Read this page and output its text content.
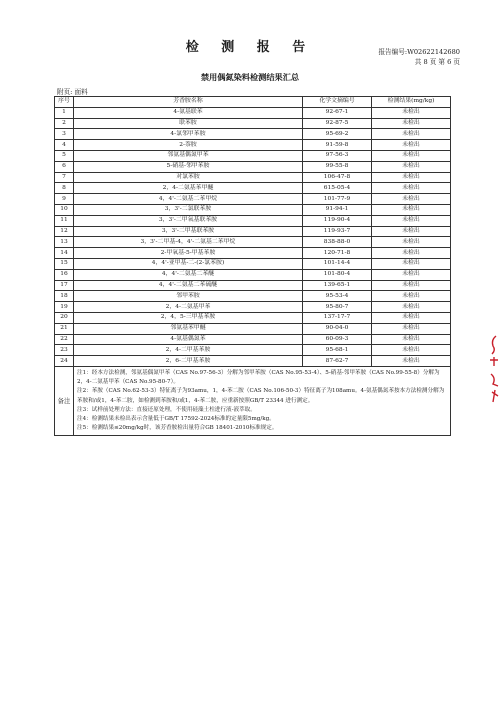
检 测 报 告	报告编号:W02622142680
共 8 页 第 6 页
禁用偶氮染料检测结果汇总
附页: 面料
序号	芳香胺名称	化学文摘编号	检测结果(mg/kg)
1	4-氨基联苯	92-67-1	未检出
2	联苯胺	92-87-5	未检出
3	4-氯邻甲苯胺	95-69-2	未检出
4	2-萘胺	91-59-8	未检出
5	邻氨基偶氮甲苯	97-56-3	未检出
6	5-硝基-邻甲苯胺	99-55-8	未检出
7	对氯苯胺	106-47-8	未检出
8	2，4-二氨基苯甲醚	615-05-4	未检出
9	4，4'-二氨基二苯甲烷	101-77-9	未检出
10	3，3'-二氯联苯胺	91-94-1	未检出
11	3，3'-二甲氧基联苯胺	119-90-4	未检出
12	3，3'-二甲基联苯胺	119-93-7	未检出
13	3，3'-二甲基-4，4'-二氨基二苯甲烷	838-88-0	未检出
14	2-甲氧基-5-甲基苯胺	120-71-8	未检出
15	4，4'-亚甲基-二-(2-氯苯胺)	101-14-4	未检出
16	4，4'-二氨基二苯醚	101-80-4	未检出
17	4，4'-二氨基二苯硫醚	139-65-1	未检出
18	邻甲苯胺	95-53-4	未检出
19	2，4-二氨基甲苯	95-80-7	未检出
20	2，4，5-三甲基苯胺	137-17-7	未检出
21	邻氨基苯甲醚	90-04-0	未检出
22	4-氨基偶氮苯	60-09-3	未检出
23	2，4-二甲基苯胺	95-68-1	未检出
24	2，6-二甲基苯胺	87-62-7	未检出
备注	注1：经本方法检测，邻氨基偶氮甲苯（CAS No.97-56-3）分解为邻甲苯胺（CAS No.95-53-4）、5-硝基-邻甲苯胺（CAS No.99-55-8）分解为2，4-二氨基甲苯（CAS No.95-80-7）。
注2：苯胺（CAS No.62-53-3）特征离子为93amu，1，4-苯二胺（CAS No.106-50-3）特征离子为108amu。4-氨基偶氮苯按本方法检测分解为苯胺和/或1，4-苯二胺，如检测到苯胺和/或1，4-苯二胺，应重新按照GB/T 23344 进行测定。
注3：试样前处理方法：直接还原处理，不使用硅藻土柱进行液-液萃取。
注4：检测结果未检出表示含量低于GB/T 17592-2024标准的定量限5mg/kg。
注5：检测结果≤20mg/kg时，该芳香胺检出量符合GB 18401-2010标准规定。		
